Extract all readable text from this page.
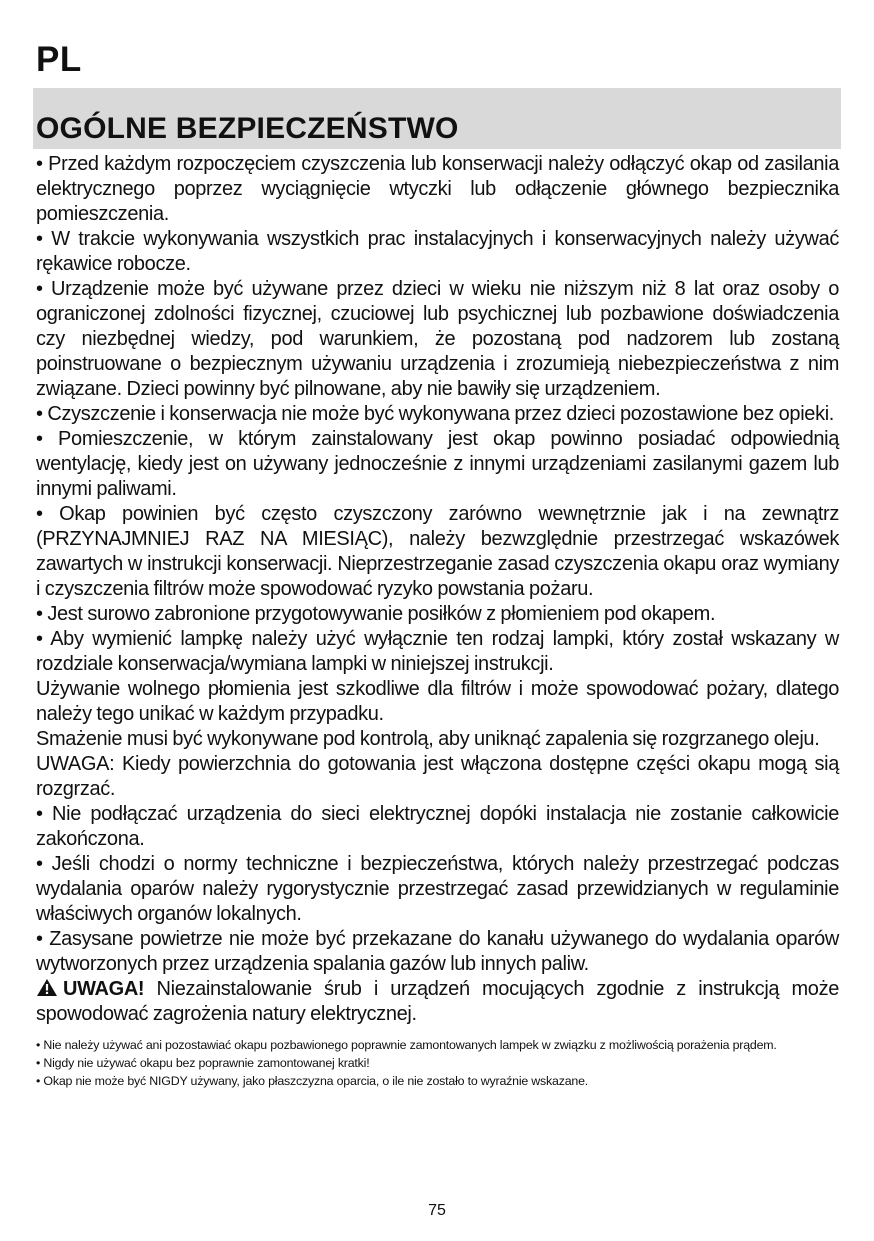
PL
OGÓLNE BEZPIECZEŃSTWO

• Przed każdym rozpoczęciem czyszczenia lub konserwacji należy odłączyć okap od zasilania elektrycznego poprzez wyciągnięcie wtyczki lub odłączenie głównego bezpiecznika pomieszczenia.

• W trakcie wykonywania wszystkich prac instalacyjnych i konserwacyjnych należy używać rękawice robocze.

• Urządzenie może być używane przez dzieci w wieku nie niższym niż 8 lat oraz osoby o ograniczonej zdolności fizycznej, czuciowej lub psychicznej lub pozbawione doświadczenia czy niezbędnej wiedzy, pod warunkiem, że pozostaną pod nadzorem lub zostaną poinstruowane o bezpiecznym używaniu urządzenia i zrozumieją niebezpieczeństwa z nim związane. Dzieci powinny być pilnowane, aby nie bawiły się urządzeniem.

• Czyszczenie i konserwacja nie może być wykonywana przez dzieci pozostawione bez opieki.

• Pomieszczenie, w którym zainstalowany jest okap powinno posiadać odpowiednią wentylację, kiedy jest on używany jednocześnie z innymi urządzeniami zasilanymi gazem lub innymi paliwami.

• Okap powinien być często czyszczony zarówno wewnętrznie jak i na zewnątrz (PRZYNAJMNIEJ RAZ NA MIESIĄC), należy bezwzględnie przestrzegać wskazówek zawartych w instrukcji konserwacji. Nieprzestrzeganie zasad czyszczenia okapu oraz wymiany i czyszczenia filtrów może spowodować ryzyko powstania pożaru.

• Jest surowo zabronione przygotowywanie posiłków z płomieniem pod okapem.

• Aby wymienić lampkę należy użyć wyłącznie ten rodzaj lampki, który został wskazany w rozdziale konserwacja/wymiana lampki w niniejszej instrukcji.

Używanie wolnego płomienia jest szkodliwe dla filtrów i może spowodować pożary, dlatego należy tego unikać w każdym przypadku.

Smażenie musi być wykonywane pod kontrolą, aby uniknąć zapalenia się rozgrzanego oleju.

UWAGA: Kiedy powierzchnia do gotowania jest włączona dostępne części okapu mogą sią rozgrzać.

• Nie podłączać urządzenia do sieci elektrycznej dopóki instalacja nie zostanie całkowicie zakończona.

• Jeśli chodzi o normy techniczne i bezpieczeństwa, których należy przestrzegać podczas wydalania oparów należy rygorystycznie przestrzegać zasad przewidzianych w regulaminie właściwych organów lokalnych.

• Zasysane powietrze nie może być przekazane do kanału używanego do wydalania oparów wytworzonych przez urządzenia spalania gazów lub innych paliw.

UWAGA! Niezainstalowanie śrub i urządzeń mocujących zgodnie z instrukcją może spowodować zagrożenia natury elektrycznej.

• Nie należy używać ani pozostawiać okapu pozbawionego poprawnie zamontowanych lampek w związku z możliwością porażenia prądem.

• Nigdy nie używać okapu bez poprawnie zamontowanej kratki!

• Okap nie może być NIGDY używany, jako płaszczyzna oparcia, o ile nie zostało to wyraźnie wskazane.

75
